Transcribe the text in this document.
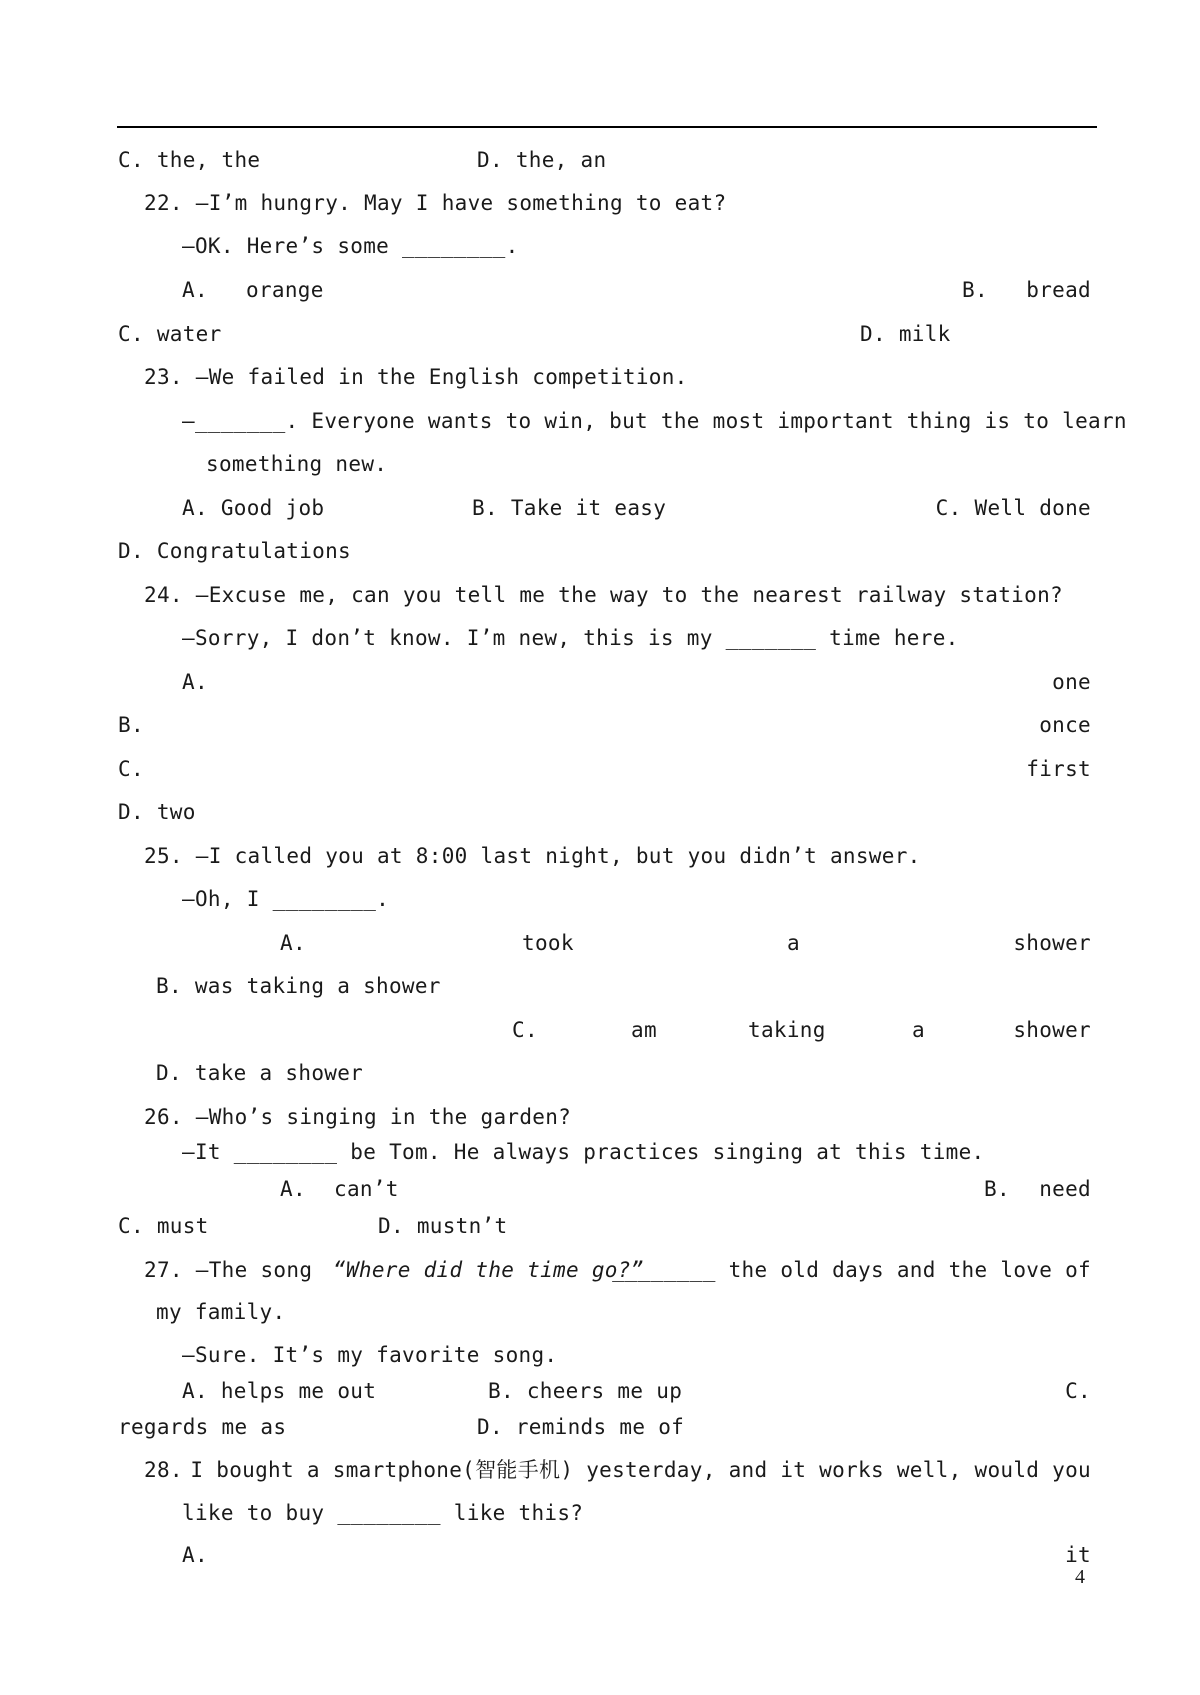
C. the, the	D. the, an
22. —I’m hungry. May I have something to eat?
—OK. Here’s some ________.
A. orange	B. bread
C. water	D. milk
23. —We failed in the English competition.
—_______. Everyone wants to win, but the most important thing is to learn
something new.
A. Good job	B. Take it easy	C. Well done
D. Congratulations
24. —Excuse me, can you tell me the way to the nearest railway station?
—Sorry, I don’t know. I’m new, this is my _______ time here.
A.	one
B.	once
C.	first
D. two
25. —I called you at 8:00 last night, but you didn’t answer.
—Oh, I ________.
A.	took	a	shower
B. was taking a shower
C.	am	taking	a	shower
D. take a shower
26. —Who’s singing in the garden?
—It ________ be Tom. He always practices singing at this time.
A. can’t	B. need
C. must	D. mustn’t
27. —The song “Where did the time go?”
________ the old days and the love of
my family.
—Sure. It’s my favorite song.
A. helps me out	B. cheers me up	C.
regards me as	D. reminds me of
28. I bought a smartphone(智能手机) yesterday, and it works well, would you
like to buy ________ like this?
A.	it
4
